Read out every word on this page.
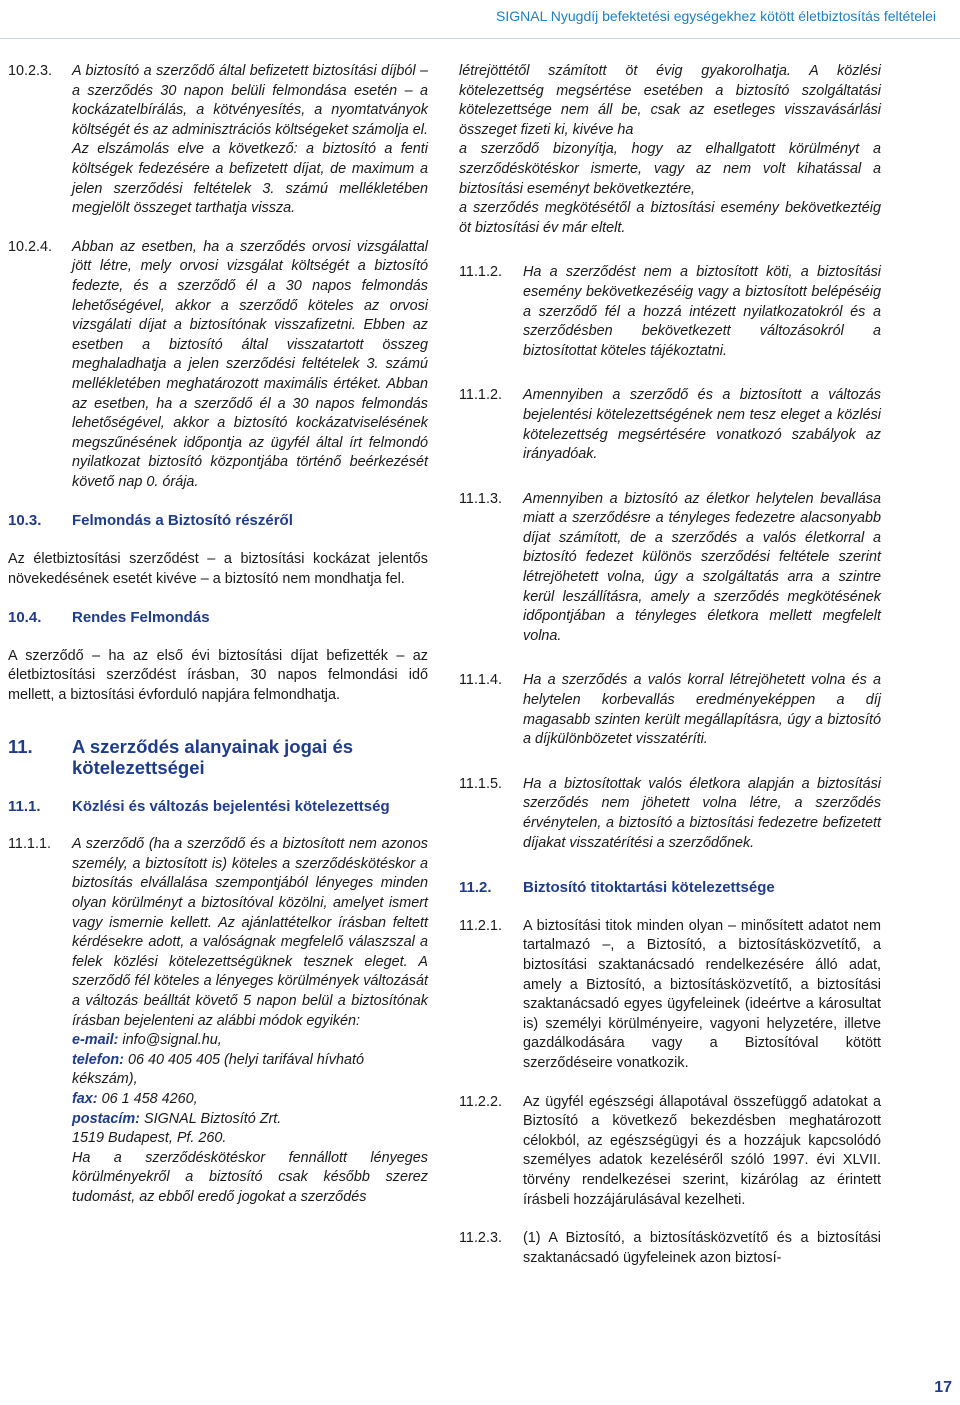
SIGNAL Nyugdíj befektetési egységekhez kötött életbiztosítás feltételei
10.2.3.	A biztosító a szerződő által befizetett biztosítási díjból – a szerződés 30 napon belüli felmondása esetén – a kockázatelbírálás, a kötvényesítés, a nyomtatványok költségét és az adminisztrációs költségeket számolja el. Az elszámolás elve a következő: a biztosító a fenti költségek fedezésére a befizetett díjat, de maximum a jelen szerződési feltételek 3. számú mellékletében megjelölt összeget tarthatja vissza.
10.2.4.	Abban az esetben, ha a szerződés orvosi vizsgálattal jött létre, mely orvosi vizsgálat költségét a biztosító fedezte, és a szerződő él a 30 napos felmondás lehetőségével, akkor a szerződő köteles az orvosi vizsgálati díjat a biztosítónak visszafizetni. Ebben az esetben a biztosító által visszatartott összeg meghaladhatja a jelen szerződési feltételek 3. számú mellékletében meghatározott maximális értéket. Abban az esetben, ha a szerződő él a 30 napos felmondás lehetőségével, akkor a biztosító kockázatviselésének megszűnésének időpontja az ügyfél által írt felmondó nyilatkozat biztosító központjába történő beérkezését követő nap 0. órája.
10.3.	Felmondás a Biztosító részéről
Az életbiztosítási szerződést – a biztosítási kockázat jelentős növekedésének esetét kivéve – a biztosító nem mondhatja fel.
10.4.	Rendes Felmondás
A szerződő – ha az első évi biztosítási díjat befizették – az életbiztosítási szerződést írásban, 30 napos felmondási idő mellett, a biztosítási évforduló napjára felmondhatja.
11.	A szerződés alanyainak jogai és kötelezettségei
11.1.	Közlési és változás bejelentési kötelezettség
11.1.1.	A szerződő (ha a szerződő és a biztosított nem azonos személy, a biztosított is) köteles a szerződéskötéskor a biztosítás elvállalása szempontjából lényeges minden olyan körülményt a biztosítóval közölni, amelyet ismert vagy ismernie kellett. Az ajánlattételkor írásban feltett kérdésekre adott, a valóságnak megfelelő válaszszal a felek közlési kötelezettségüknek tesznek eleget. A szerződő fél köteles a lényeges körülmények változását a változás beálltát követő 5 napon belül a biztosítónak írásban bejelenteni az alábbi módok egyikén:
e-mail: info@signal.hu,
telefon: 06 40 405 405 (helyi tarifával hívható kékszám),
fax: 06 1 458 4260,
postacím: SIGNAL Biztosító Zrt.
1519 Budapest, Pf. 260.
Ha a szerződéskötéskor fennállott lényeges körülményekről a biztosító csak később szerez tudomást, az ebből eredő jogokat a szerződés
létrejöttétől számított öt évig gyakorolhatja. A közlési kötelezettség megsértése esetében a biztosító szolgáltatási kötelezettsége nem áll be, csak az esetleges visszavásárlási összeget fizeti ki, kivéve ha
a szerződő bizonyítja, hogy az elhallgatott körülményt a szerződéskötéskor ismerte, vagy az nem volt kihatással a biztosítási eseményt bekövetkeztére,
a szerződés megkötésétől a biztosítási esemény bekövetkeztéig öt biztosítási év már eltelt.
11.1.2.	Ha a szerződést nem a biztosított köti, a biztosítási esemény bekövetkezéséig vagy a biztosított belépéséig a szerződő fél a hozzá intézett nyilatkozatokról és a szerződésben bekövetkezett változásokról a biztosítottat köteles tájékoztatni.
11.1.2.	Amennyiben a szerződő és a biztosított a változás bejelentési kötelezettségének nem tesz eleget a közlési kötelezettség megsértésére vonatkozó szabályok az irányadóak.
11.1.3.	Amennyiben a biztosító az életkor helytelen bevallása miatt a szerződésre a tényleges fedezetre alacsonyabb díjat számított, de a szerződés a valós életkorral a biztosító fedezet különös szerződési feltétele szerint létrejöhetett volna, úgy a szolgáltatás arra a szintre kerül leszállításra, amely a szerződés megkötésének időpontjában a tényleges életkora mellett megfelelt volna.
11.1.4.	Ha a szerződés a valós korral létrejöhetett volna és a helytelen korbevallás eredményeképpen a díj magasabb szinten került megállapításra, úgy a biztosító a díjkülönbözetet visszatéríti.
11.1.5.	Ha a biztosítottak valós életkora alapján a biztosítási szerződés nem jöhetett volna létre, a szerződés érvénytelen, a biztosító a biztosítási fedezetre befizetett díjakat visszatérítési a szerződőnek.
11.2.	Biztosító titoktartási kötelezettsége
11.2.1.	A biztosítási titok minden olyan – minősített adatot nem tartalmazó –, a Biztosító, a biztosításközvetítő, a biztosítási szaktanácsadó rendelkezésére álló adat, amely a Biztosító, a biztosításközvetítő, a biztosítási szaktanácsadó egyes ügyfeleinek (ideértve a károsultat is) személyi körülményeire, vagyoni helyzetére, illetve gazdálkodására vagy a Biztosítóval kötött szerződéseire vonatkozik.
11.2.2.	Az ügyfél egészségi állapotával összefüggő adatokat a Biztosító a következő bekezdésben meghatározott célokból, az egészségügyi és a hozzájuk kapcsolódó személyes adatok kezeléséről szóló 1997. évi XLVII. törvény rendelkezései szerint, kizárólag az érintett írásbeli hozzájárulásával kezelheti.
11.2.3.	(1) A Biztosító, a biztosításközvetítő és a biztosítási szaktanácsadó ügyfeleinek azon biztosí-
17
